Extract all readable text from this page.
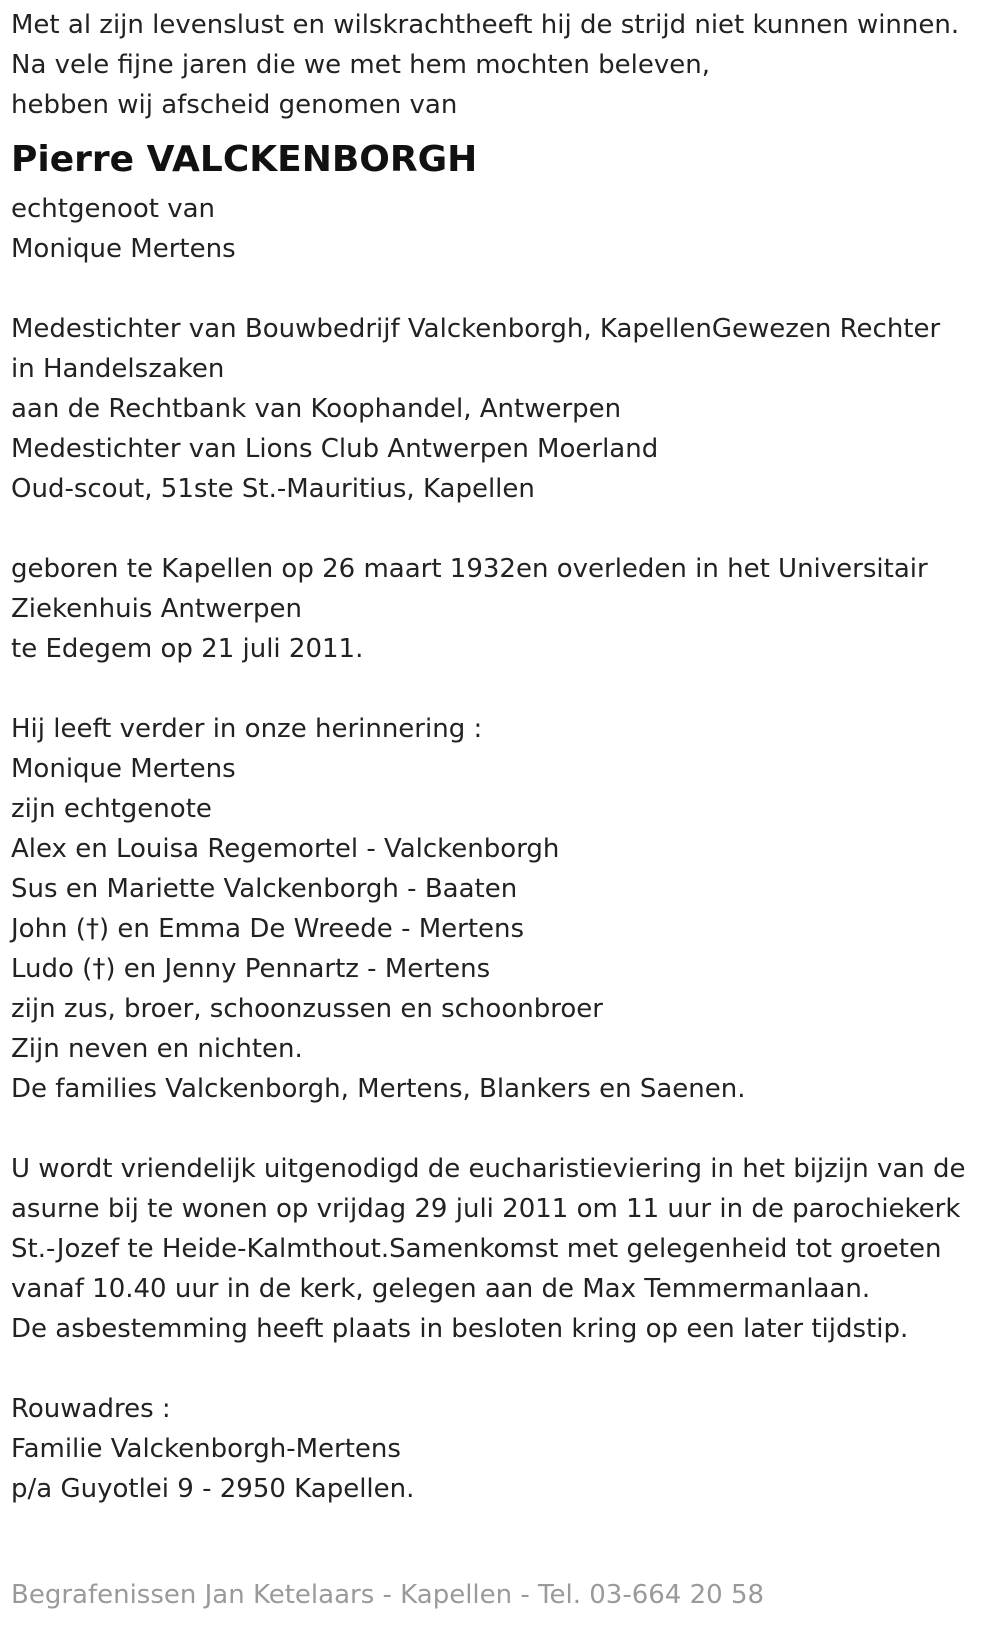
Met al zijn levenslust en wilskrachtheeft hij de strijd niet kunnen winnen.
Na vele fijne jaren die we met hem mochten beleven,
hebben wij afscheid genomen van
Pierre VALCKENBORGH
echtgenoot van
Monique Mertens
Medestichter van Bouwbedrijf Valckenborgh, KapellenGewezen Rechter
in Handelszaken
aan de Rechtbank van Koophandel, Antwerpen
Medestichter van Lions Club Antwerpen Moerland
Oud-scout, 51ste St.-Mauritius, Kapellen
geboren te Kapellen op 26 maart 1932en overleden in het Universitair
Ziekenhuis Antwerpen
te Edegem op 21 juli 2011.
Hij leeft verder in onze herinnering :
Monique Mertens
zijn echtgenote
Alex en Louisa Regemortel - Valckenborgh
Sus en Mariette Valckenborgh - Baaten
John (†) en Emma De Wreede - Mertens
Ludo (†) en Jenny Pennartz - Mertens
zijn zus, broer, schoonzussen en schoonbroer
Zijn neven en nichten.
De families Valckenborgh, Mertens, Blankers en Saenen.
U wordt vriendelijk uitgenodigd de eucharistieviering in het bijzijn van de
asurne bij te wonen op vrijdag 29 juli 2011 om 11 uur in de parochiekerk
St.-Jozef te Heide-Kalmthout.Samenkomst met gelegenheid tot groeten
vanaf 10.40 uur in de kerk, gelegen aan de Max Temmermanlaan.
De asbestemming heeft plaats in besloten kring op een later tijdstip.
Rouwadres :
Familie Valckenborgh-Mertens
p/a Guyotlei 9 - 2950 Kapellen.
Begrafenissen Jan Ketelaars - Kapellen - Tel. 03-664 20 58
